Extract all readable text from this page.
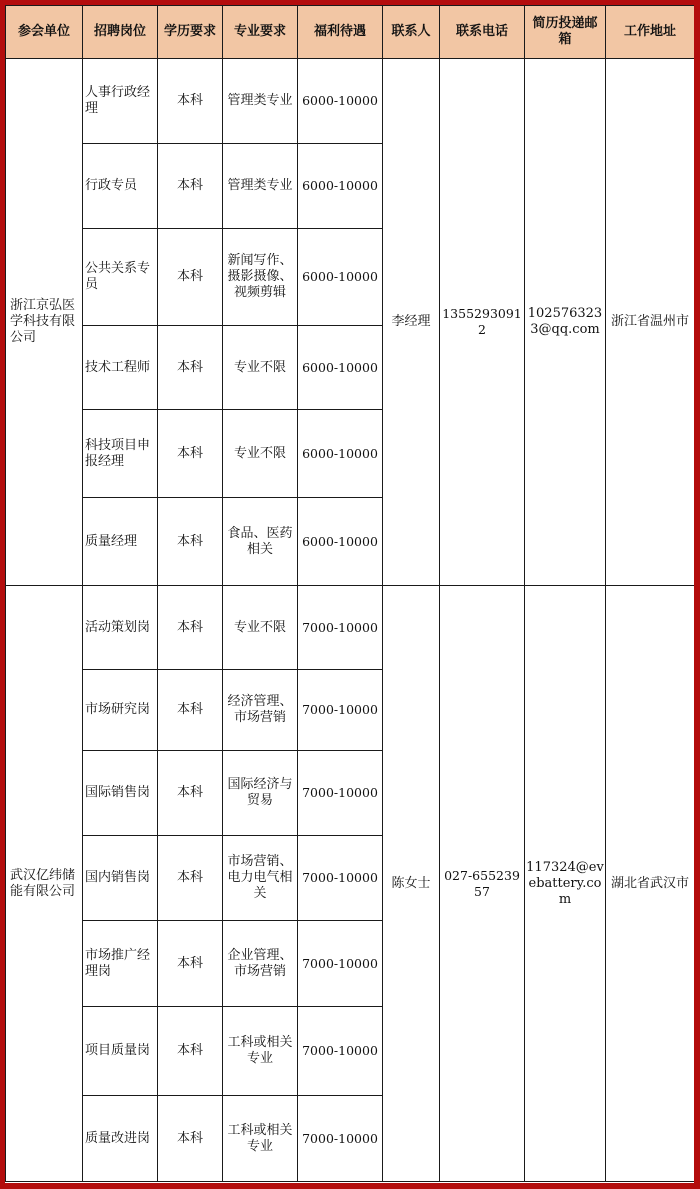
参会单位	招聘岗位	学历要求	专业要求	福利待遇	联系人	联系电话	简历投递邮箱	工作地址
浙江京弘医学科技有限公司	人事行政经理	本科	管理类专业	6000-10000	李经理	13552930912	1025763233@qq.com	浙江省温州市
	行政专员	本科	管理类专业	6000-10000				
	公共关系专员	本科	新闻写作、摄影摄像、视频剪辑	6000-10000				
	技术工程师	本科	专业不限	6000-10000				
	科技项目申报经理	本科	专业不限	6000-10000				
	质量经理	本科	食品、医药相关	6000-10000				
武汉亿纬储能有限公司	活动策划岗	本科	专业不限	7000-10000	陈女士	027-65523957	117324@evebattery.com	湖北省武汉市
	市场研究岗	本科	经济管理、市场营销	7000-10000				
	国际销售岗	本科	国际经济与贸易	7000-10000				
	国内销售岗	本科	市场营销、电力电气相关	7000-10000				
	市场推广经理岗	本科	企业管理、市场营销	7000-10000				
	项目质量岗	本科	工科或相关专业	7000-10000				
	质量改进岗	本科	工科或相关专业	7000-10000				
